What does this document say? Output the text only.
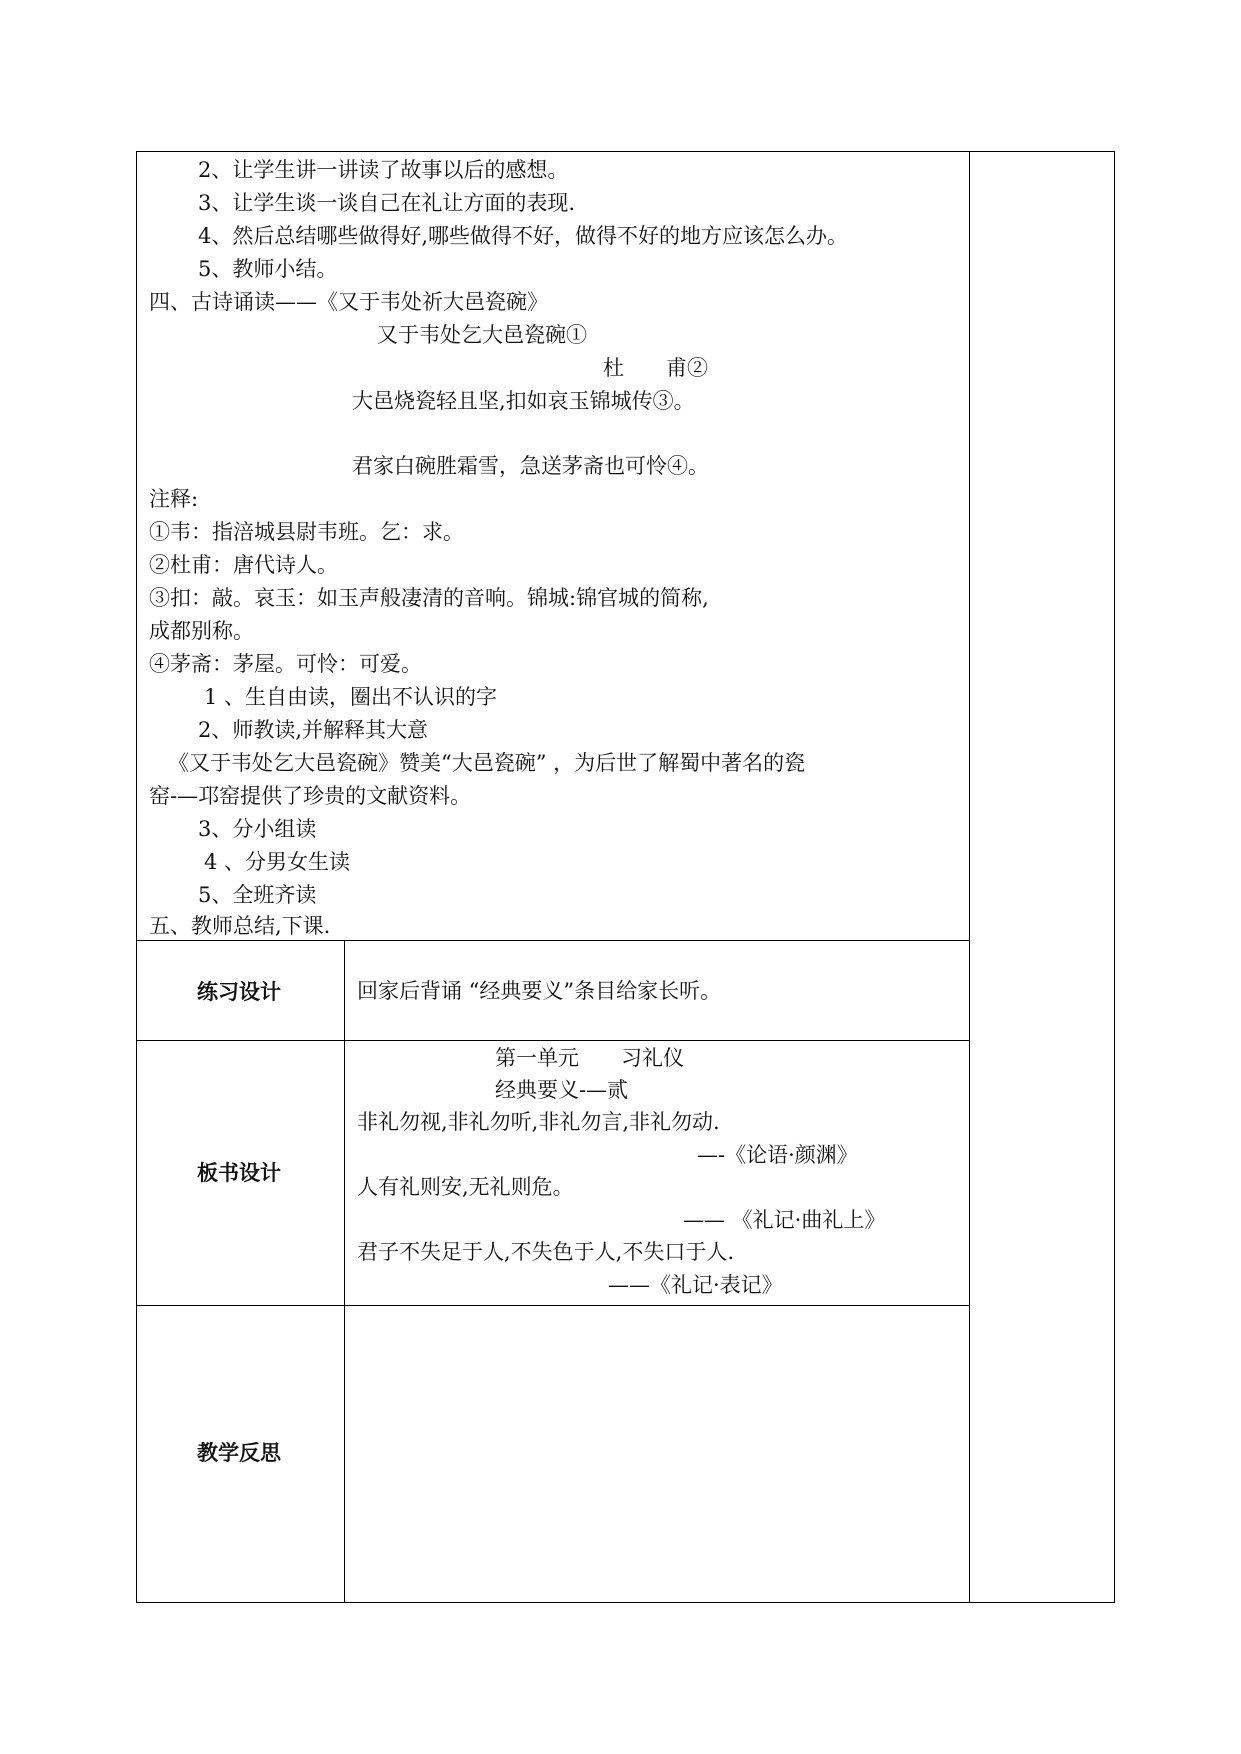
2、让学生讲一讲读了故事以后的感想。
3、让学生谈一谈自己在礼让方面的表现.
4、然后总结哪些做得好,哪些做得不好，做得不好的地方应该怎么办。
5、教师小结。
四、古诗诵读——《又于韦处祈大邑瓷碗》
又于韦处乞大邑瓷碗①
杜　　甫②
大邑烧瓷轻且坚,扣如哀玉锦城传③。
君家白碗胜霜雪，急送茅斋也可怜④。
注释:
①韦：指涪城县尉韦班。乞：求。
②杜甫：唐代诗人。
③扣：敲。哀玉：如玉声般凄清的音响。锦城:锦官城的简称,
成都别称。
④茅斋：茅屋。可怜：可爱。
1 、生自由读，圈出不认识的字
2、师教读,并解释其大意
《又于韦处乞大邑瓷碗》赞美“大邑瓷碗” ，为后世了解蜀中著名的瓷
窑-—邛窑提供了珍贵的文献资料。
3、分小组读
4 、分男女生读
5、全班齐读
五、教师总结,下课.
练习设计	回家后背诵 “经典要义”条目给家长听。
板书设计
第一单元　　习礼仪
经典要义-—贰
非礼勿视,非礼勿听,非礼勿言,非礼勿动.
—-《论语·颜渊》
人有礼则安,无礼则危。
—— 《礼记·曲礼上》
君子不失足于人,不失色于人,不失口于人.
——《礼记·表记》
教学反思
